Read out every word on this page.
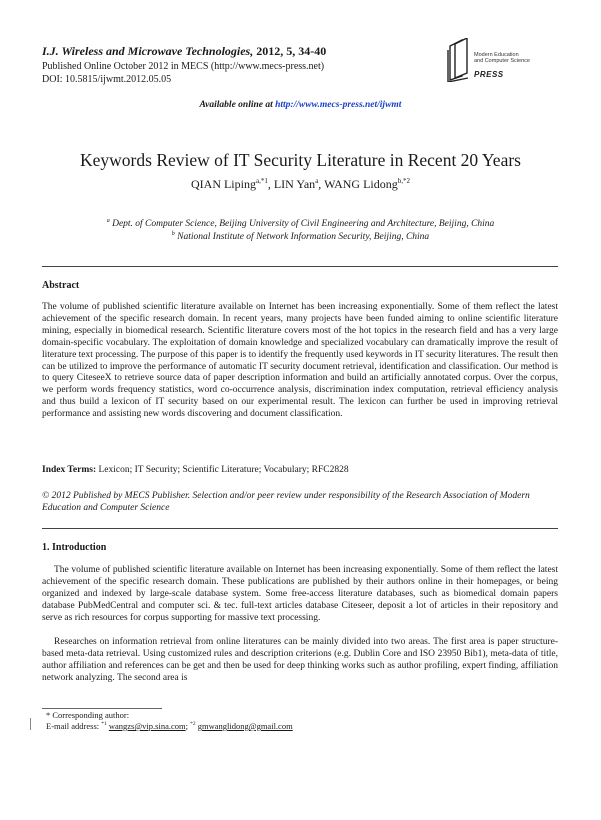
I.J. Wireless and Microwave Technologies, 2012, 5, 34-40
Published Online October 2012 in MECS (http://www.mecs-press.net)
DOI: 10.5815/ijwmt.2012.05.05
Modern Education
and Computer Science
PRESS
Available online at http://www.mecs-press.net/ijwmt
Keywords Review of IT Security Literature in Recent 20 Years
QIAN Liping$^{a,*1}$, LIN Yan$^a$, WANG Lidong$^{b,*2}$
$^a$ Dept. of Computer Science, Beijing University of Civil Engineering and Architecture, Beijing, China
$^b$ National Institute of Network Information Security, Beijing, China
Abstract
The volume of published scientific literature available on Internet has been increasing exponentially. Some of them reflect the latest achievement of the specific research domain. In recent years, many projects have been funded aiming to online scientific literature mining, especially in biomedical research. Scientific literature covers most of the hot topics in the research field and has a very large domain-specific vocabulary. The exploitation of domain knowledge and specialized vocabulary can dramatically improve the result of literature text processing. The purpose of this paper is to identify the frequently used keywords in IT security literatures. The result then can be utilized to improve the performance of automatic IT security document retrieval, identification and classification. Our method is to query CiteseeX to retrieve source data of paper description information and build an artificially annotated corpus. Over the corpus, we perform words frequency statistics, word co-occurrence analysis, discrimination index computation, retrieval efficiency analysis and thus build a lexicon of IT security based on our experimental result. The lexicon can further be used in improving retrieval performance and assisting new words discovering and document classification.
Index Terms: Lexicon; IT Security; Scientific Literature; Vocabulary; RFC2828
© 2012 Published by MECS Publisher. Selection and/or peer review under responsibility of the Research Association of Modern Education and Computer Science
1. Introduction
The volume of published scientific literature available on Internet has been increasing exponentially. Some of them reflect the latest achievement of the specific research domain. These publications are published by their authors online in their homepages, or being organized and indexed by large-scale database system. Some free-access literature databases, such as biomedical domain papers database PubMedCentral and computer sci. & tec. full-text articles database Citeseer, deposit a lot of articles in their repository and serve as rich resources for corpus supporting for massive text processing.
Researches on information retrieval from online literatures can be mainly divided into two areas. The first area is paper structure-based meta-data retrieval. Using customized rules and description criterions (e.g. Dublin Core and ISO 23950 Bib1), meta-data of title, author affiliation and references can be get and then be used for deep thinking works such as author profiling, expert finding, affiliation network analyzing. The second area is
* Corresponding author:
E-mail address: $^{*1}$ wangzs@vip.sina.com; $^{*2}$ gmwanglidong@gmail.com
